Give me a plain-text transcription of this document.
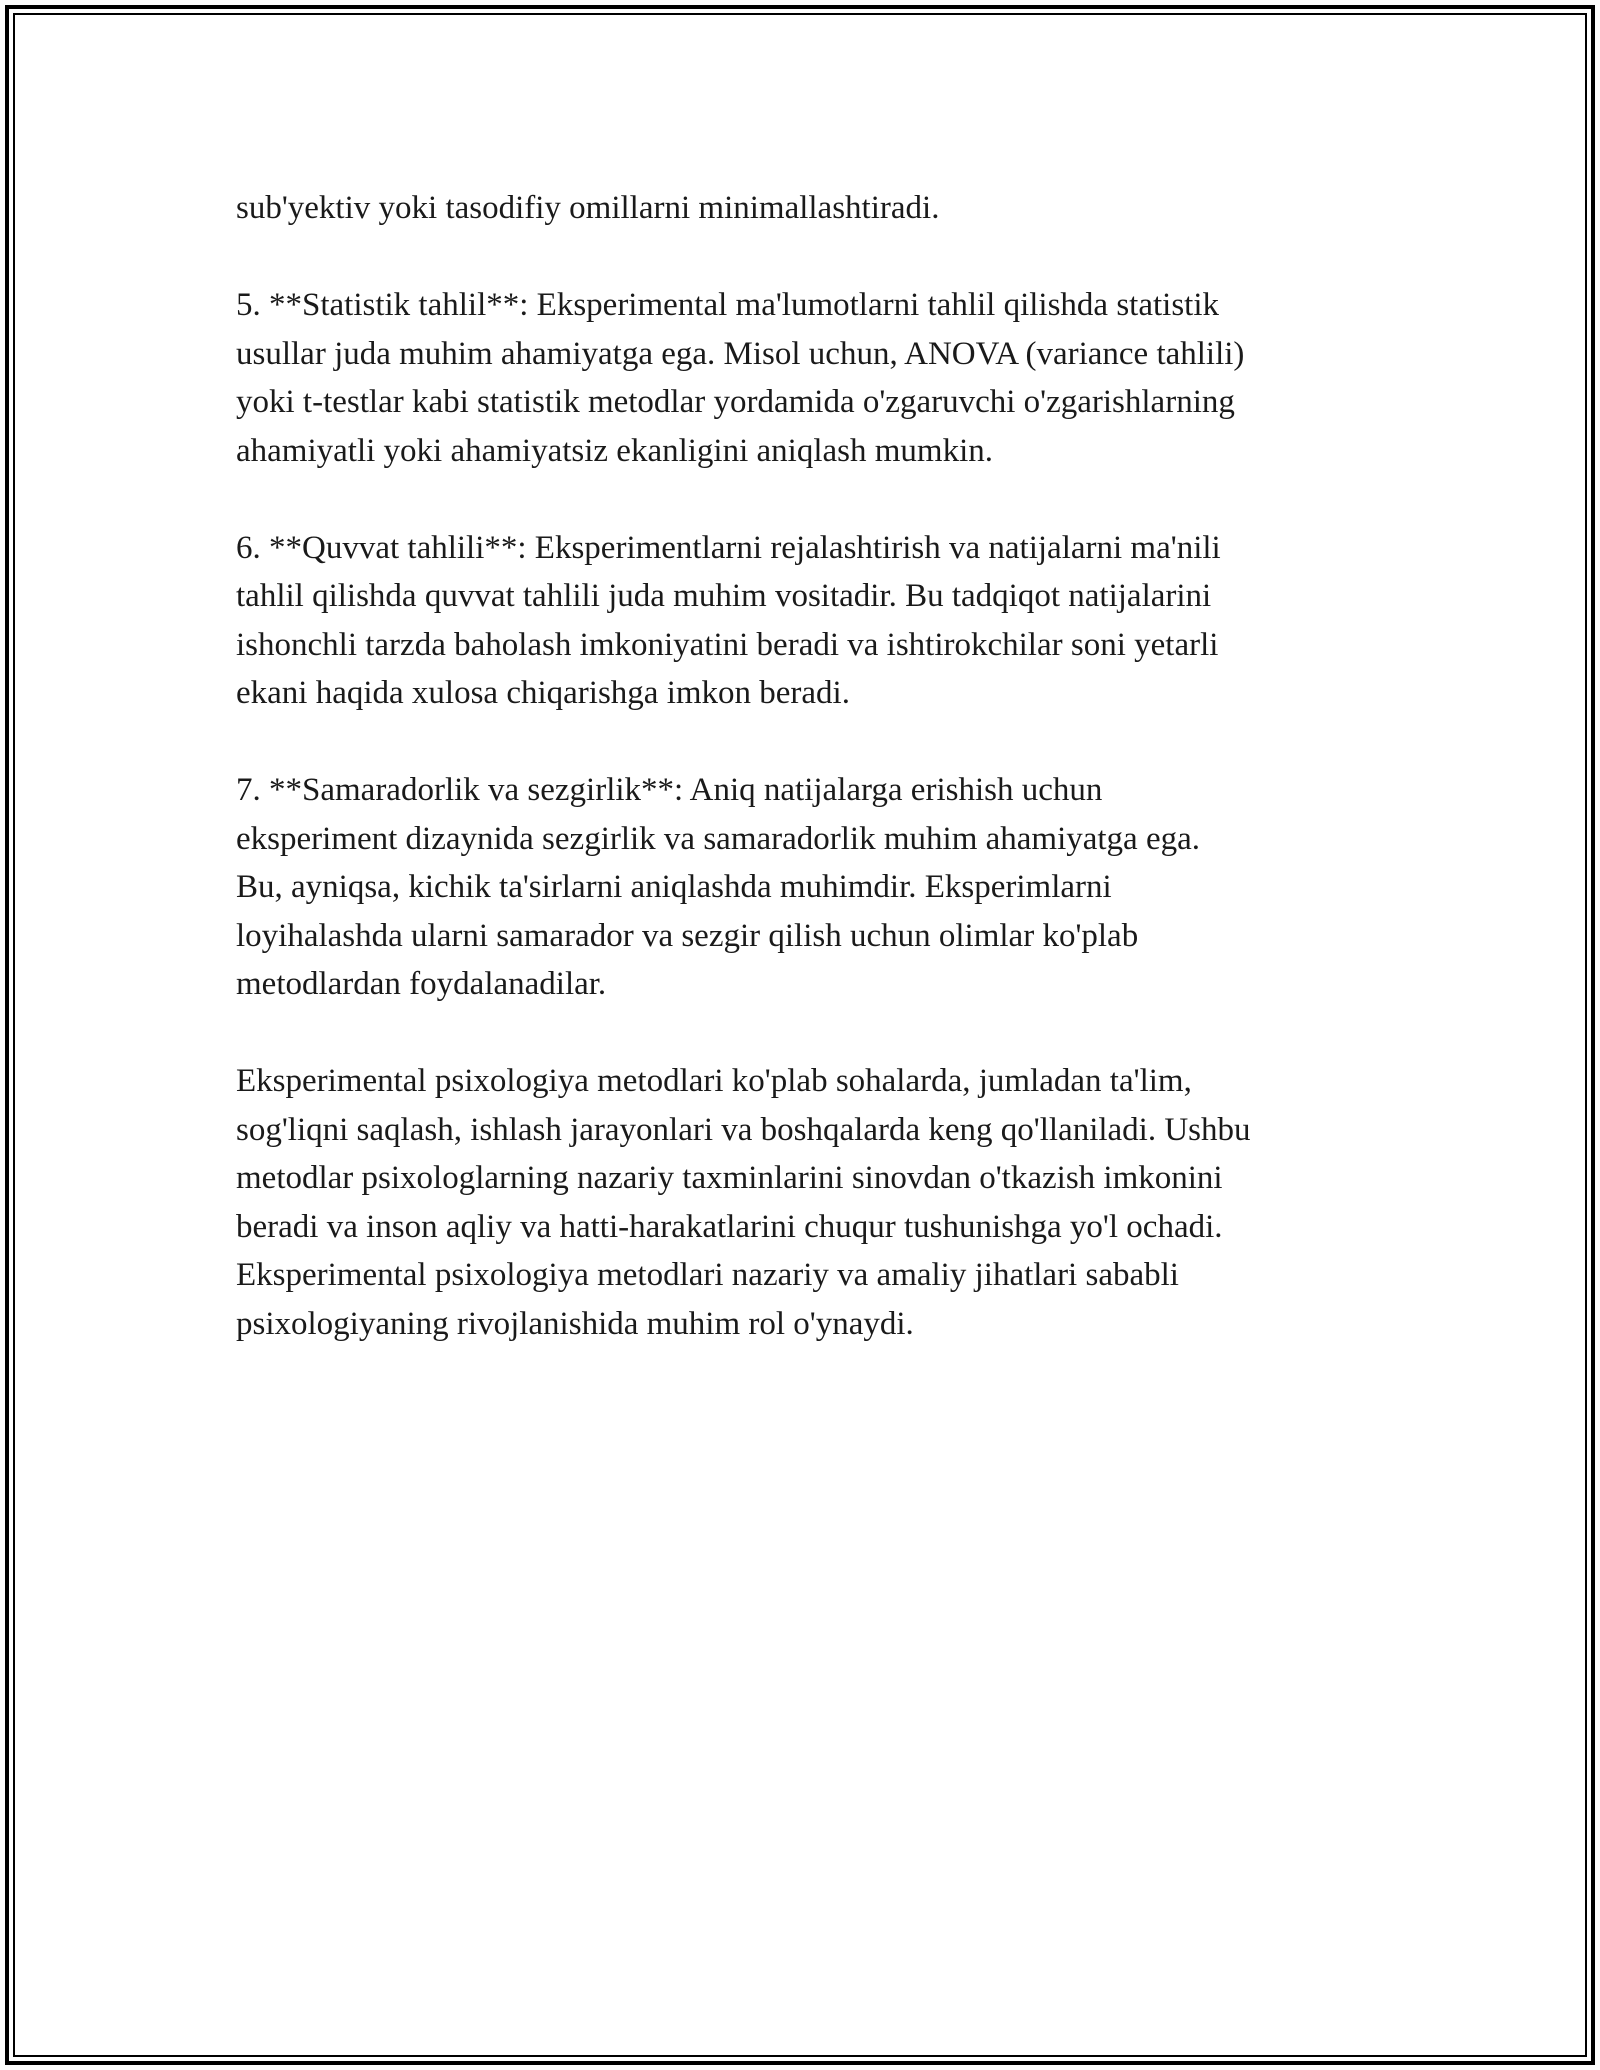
sub'yektiv yoki tasodifiy omillarni minimallashtiradi.
5. **Statistik tahlil**: Eksperimental ma'lumotlarni tahlil qilishda statistik
usullar juda muhim ahamiyatga ega. Misol uchun, ANOVA (variance tahlili)
yoki t-testlar kabi statistik metodlar yordamida o'zgaruvchi o'zgarishlarning
ahamiyatli yoki ahamiyatsiz ekanligini aniqlash mumkin.
6. **Quvvat tahlili**: Eksperimentlarni rejalashtirish va natijalarni ma'nili
tahlil qilishda quvvat tahlili juda muhim vositadir. Bu tadqiqot natijalarini
ishonchli tarzda baholash imkoniyatini beradi va ishtirokchilar soni yetarli
ekani haqida xulosa chiqarishga imkon beradi.
7. **Samaradorlik va sezgirlik**: Aniq natijalarga erishish uchun
eksperiment dizaynida sezgirlik va samaradorlik muhim ahamiyatga ega.
Bu, ayniqsa, kichik ta'sirlarni aniqlashda muhimdir. Eksperimlarni
loyihalashda ularni samarador va sezgir qilish uchun olimlar ko'plab
metodlardan foydalanadilar.
Eksperimental psixologiya metodlari ko'plab sohalarda, jumladan ta'lim,
sog'liqni saqlash, ishlash jarayonlari va boshqalarda keng qo'llaniladi. Ushbu
metodlar psixologlarning nazariy taxminlarini sinovdan o'tkazish imkonini
beradi va inson aqliy va hatti-harakatlarini chuqur tushunishga yo'l ochadi.
Eksperimental psixologiya metodlari nazariy va amaliy jihatlari sababli
psixologiyaning rivojlanishida muhim rol o'ynaydi.
